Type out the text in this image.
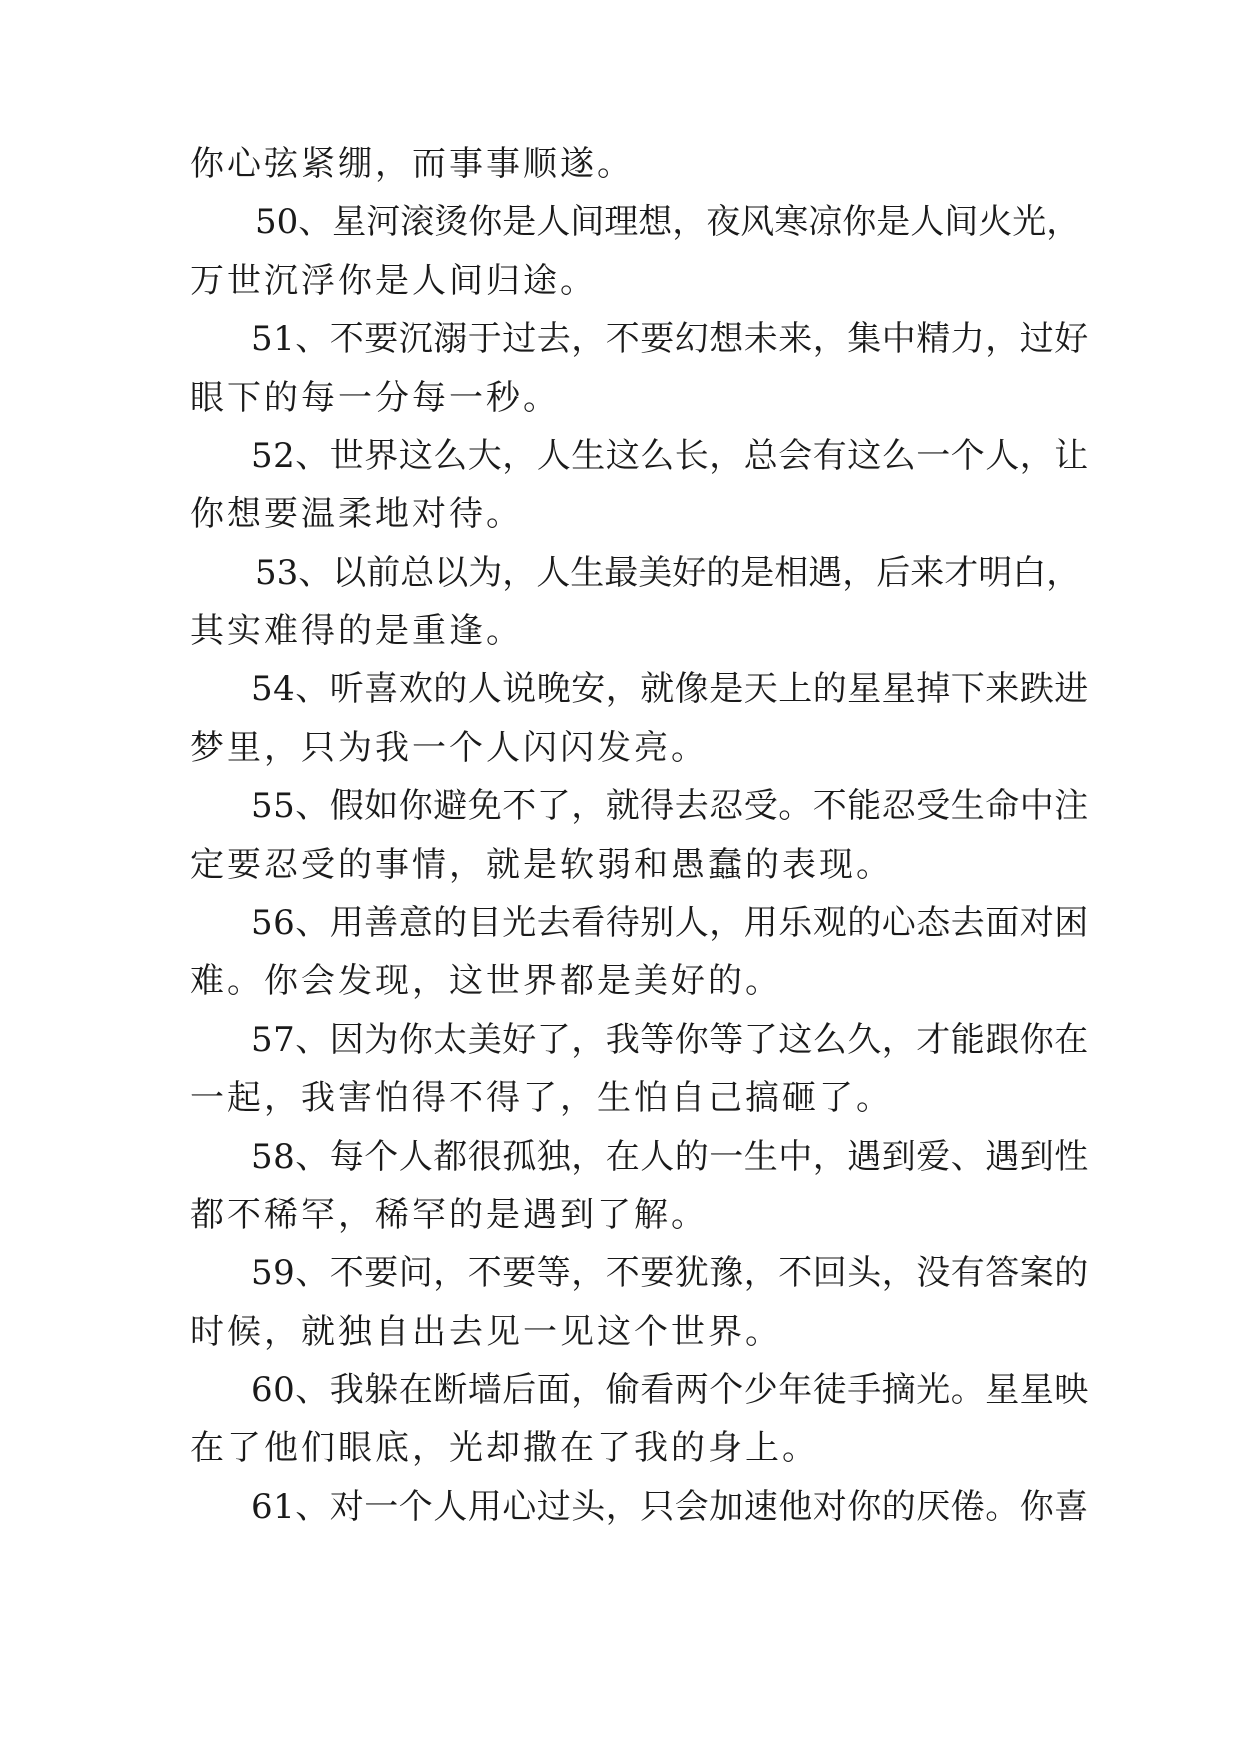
你心弦紧绷，而事事顺遂。
50、星河滚烫你是人间理想，夜风寒凉你是人间火光，
万世沉浮你是人间归途。
51、不要沉溺于过去，不要幻想未来，集中精力，过好
眼下的每一分每一秒。
52、世界这么大，人生这么长，总会有这么一个人，让
你想要温柔地对待。
53、以前总以为，人生最美好的是相遇，后来才明白，
其实难得的是重逢。
54、听喜欢的人说晚安，就像是天上的星星掉下来跌进
梦里，只为我一个人闪闪发亮。
55、假如你避免不了，就得去忍受。不能忍受生命中注
定要忍受的事情，就是软弱和愚蠢的表现。
56、用善意的目光去看待别人，用乐观的心态去面对困
难。你会发现，这世界都是美好的。
57、因为你太美好了，我等你等了这么久，才能跟你在
一起，我害怕得不得了，生怕自己搞砸了。
58、每个人都很孤独，在人的一生中，遇到爱、遇到性
都不稀罕，稀罕的是遇到了解。
59、不要问，不要等，不要犹豫，不回头，没有答案的
时候，就独自出去见一见这个世界。
60、我躲在断墙后面，偷看两个少年徒手摘光。星星映
在了他们眼底，光却撒在了我的身上。
61、对一个人用心过头，只会加速他对你的厌倦。你喜
